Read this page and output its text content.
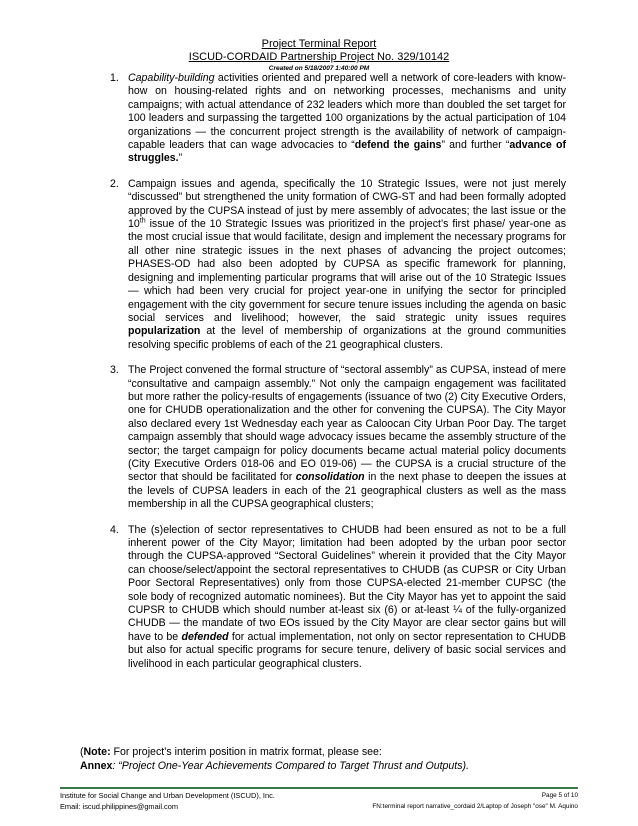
Project Terminal Report
ISCUD-CORDAID Partnership Project No. 329/10142
Created on 5/18/2007 1:40:00 PM
1. Capability-building activities oriented and prepared well a network of core-leaders with know-how on housing-related rights and on networking processes, mechanisms and unity campaigns; with actual attendance of 232 leaders which more than doubled the set target for 100 leaders and surpassing the targetted 100 organizations by the actual participation of 104 organizations — the concurrent project strength is the availability of network of campaign-capable leaders that can wage advocacies to “defend the gains” and further “advance of struggles.”
2. Campaign issues and agenda, specifically the 10 Strategic Issues, were not just merely “discussed” but strengthened the unity formation of CWG-ST and had been formally adopted approved by the CUPSA instead of just by mere assembly of advocates; the last issue or the 10th issue of the 10 Strategic Issues was prioritized in the project’s first phase/ year-one as the most crucial issue that would facilitate, design and implement the necessary programs for all other nine strategic issues in the next phases of advancing the project outcomes; PHASES-OD had also been adopted by CUPSA as specific framework for planning, designing and implementing particular programs that will arise out of the 10 Strategic Issues — which had been very crucial for project year-one in unifying the sector for principled engagement with the city government for secure tenure issues including the agenda on basic social services and livelihood; however, the said strategic unity issues requires popularization at the level of membership of organizations at the ground communities resolving specific problems of each of the 21 geographical clusters.
3. The Project convened the formal structure of “sectoral assembly” as CUPSA, instead of mere “consultative and campaign assembly.” Not only the campaign engagement was facilitated but more rather the policy-results of engagements (issuance of two (2) City Executive Orders, one for CHUDB operationalization and the other for convening the CUPSA). The City Mayor also declared every 1st Wednesday each year as Caloocan City Urban Poor Day. The target campaign assembly that should wage advocacy issues became the assembly structure of the sector; the target campaign for policy documents became actual material policy documents (City Executive Orders 018-06 and EO 019-06) — the CUPSA is a crucial structure of the sector that should be facilitated for consolidation in the next phase to deepen the issues at the levels of CUPSA leaders in each of the 21 geographical clusters as well as the mass membership in all the CUPSA geographical clusters;
4. The (s)election of sector representatives to CHUDB had been ensured as not to be a full inherent power of the City Mayor; limitation had been adopted by the urban poor sector through the CUPSA-approved “Sectoral Guidelines” wherein it provided that the City Mayor can choose/select/appoint the sectoral representatives to CHUDB (as CUPSR or City Urban Poor Sectoral Representatives) only from those CUPSA-elected 21-member CUPSC (the sole body of recognized automatic nominees). But the City Mayor has yet to appoint the said CUPSR to CHUDB which should number at-least six (6) or at-least ¼ of the fully-organized CHUDB — the mandate of two EOs issued by the City Mayor are clear sector gains but will have to be defended for actual implementation, not only on sector representation to CHUDB but also for actual specific programs for secure tenure, delivery of basic social services and livelihood in each particular geographical clusters.
(Note: For project’s interim position in matrix format, please see:
Annex: “Project One-Year Achievements Compared to Target Thrust and Outputs).
Institute for Social Change and Urban Development (ISCUD), Inc.
Email: iscud.philippines@gmail.com
Page 5 of 10
FN:terminal report narrative_cordaid 2/Laptop of Joseph "ose" M. Aquino
